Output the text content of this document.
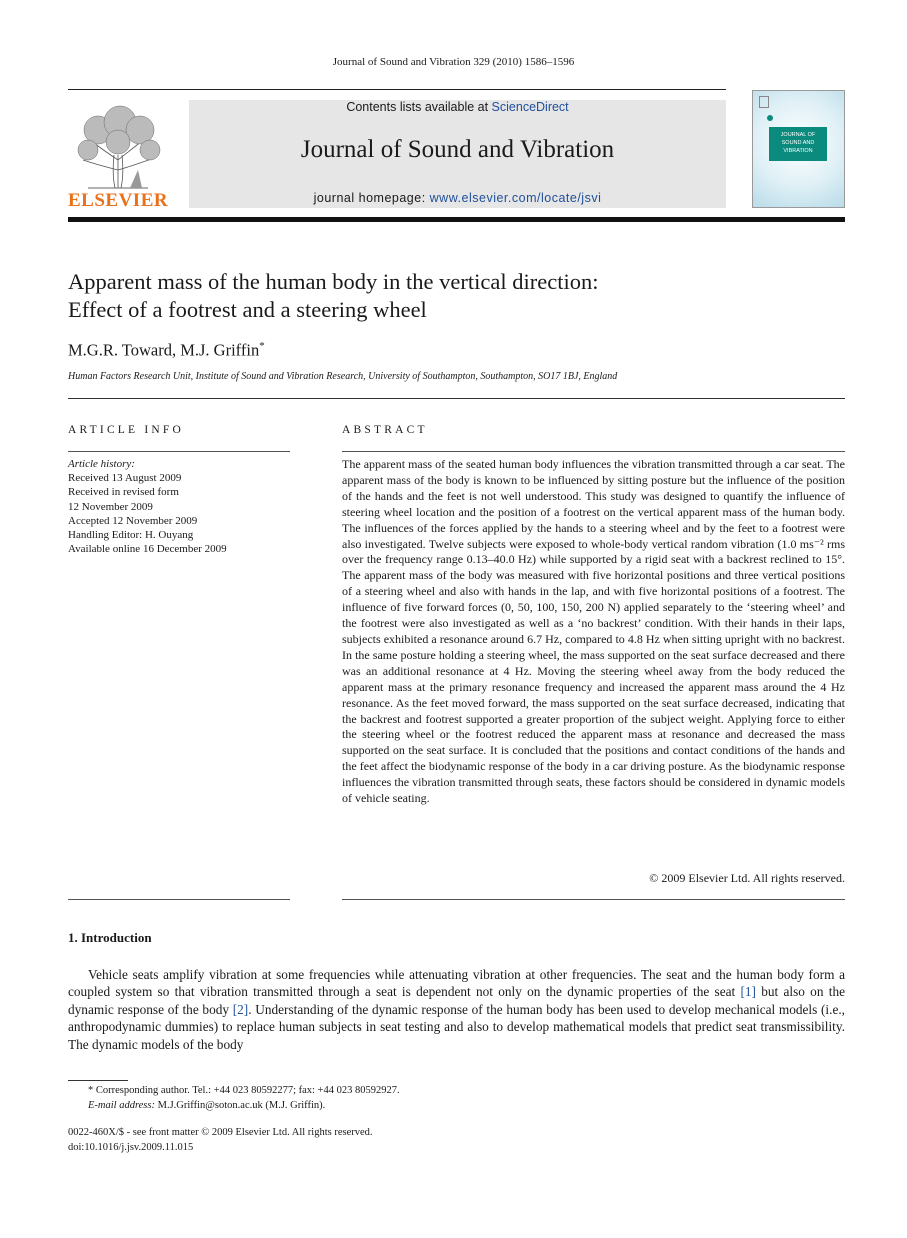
Journal of Sound and Vibration 329 (2010) 1586–1596
ELSEVIER
Contents lists available at ScienceDirect
Journal of Sound and Vibration
journal homepage: www.elsevier.com/locate/jsvi
JOURNAL OF
SOUND AND
VIBRATION
Apparent mass of the human body in the vertical direction:
Effect of a footrest and a steering wheel
M.G.R. Toward, M.J. Griffin*
Human Factors Research Unit, Institute of Sound and Vibration Research, University of Southampton, Southampton, SO17 1BJ, England
ARTICLE INFO	ABSTRACT
Article history:
Received 13 August 2009
Received in revised form
12 November 2009
Accepted 12 November 2009
Handling Editor: H. Ouyang
Available online 16 December 2009
The apparent mass of the seated human body influences the vibration transmitted through a car seat. The apparent mass of the body is known to be influenced by sitting posture but the influence of the position of the hands and the feet is not well understood. This study was designed to quantify the influence of steering wheel location and the position of a footrest on the vertical apparent mass of the human body. The influences of the forces applied by the hands to a steering wheel and by the feet to a footrest were also investigated. Twelve subjects were exposed to whole-body vertical random vibration (1.0 ms⁻² rms over the frequency range 0.13–40.0 Hz) while supported by a rigid seat with a backrest reclined to 15°. The apparent mass of the body was measured with five horizontal positions and three vertical positions of a steering wheel and also with hands in the lap, and with five horizontal positions of a footrest. The influence of five forward forces (0, 50, 100, 150, 200 N) applied separately to the ‘steering wheel’ and the footrest were also investigated as well as a ‘no backrest’ condition. With their hands in their laps, subjects exhibited a resonance around 6.7 Hz, compared to 4.8 Hz when sitting upright with no backrest. In the same posture holding a steering wheel, the mass supported on the seat surface decreased and there was an additional resonance at 4 Hz. Moving the steering wheel away from the body reduced the apparent mass at the primary resonance frequency and increased the apparent mass around the 4 Hz resonance. As the feet moved forward, the mass supported on the seat surface decreased, indicating that the backrest and footrest supported a greater proportion of the subject weight. Applying force to either the steering wheel or the footrest reduced the apparent mass at resonance and decreased the mass supported on the seat surface. It is concluded that the positions and contact conditions of the hands and the feet affect the biodynamic response of the body in a car driving posture. As the biodynamic response influences the vibration transmitted through seats, these factors should be considered in dynamic models of vehicle seating.
© 2009 Elsevier Ltd. All rights reserved.
1. Introduction
Vehicle seats amplify vibration at some frequencies while attenuating vibration at other frequencies. The seat and the human body form a coupled system so that vibration transmitted through a seat is dependent not only on the dynamic properties of the seat [1] but also on the dynamic response of the body [2]. Understanding of the dynamic response of the human body has been used to develop mechanical models (i.e., anthropodynamic dummies) to replace human subjects in seat testing and also to develop mathematical models that predict seat transmissibility. The dynamic models of the body
* Corresponding author. Tel.: +44 023 80592277; fax: +44 023 80592927.
E-mail address: M.J.Griffin@soton.ac.uk (M.J. Griffin).
0022-460X/$ - see front matter © 2009 Elsevier Ltd. All rights reserved.
doi:10.1016/j.jsv.2009.11.015
